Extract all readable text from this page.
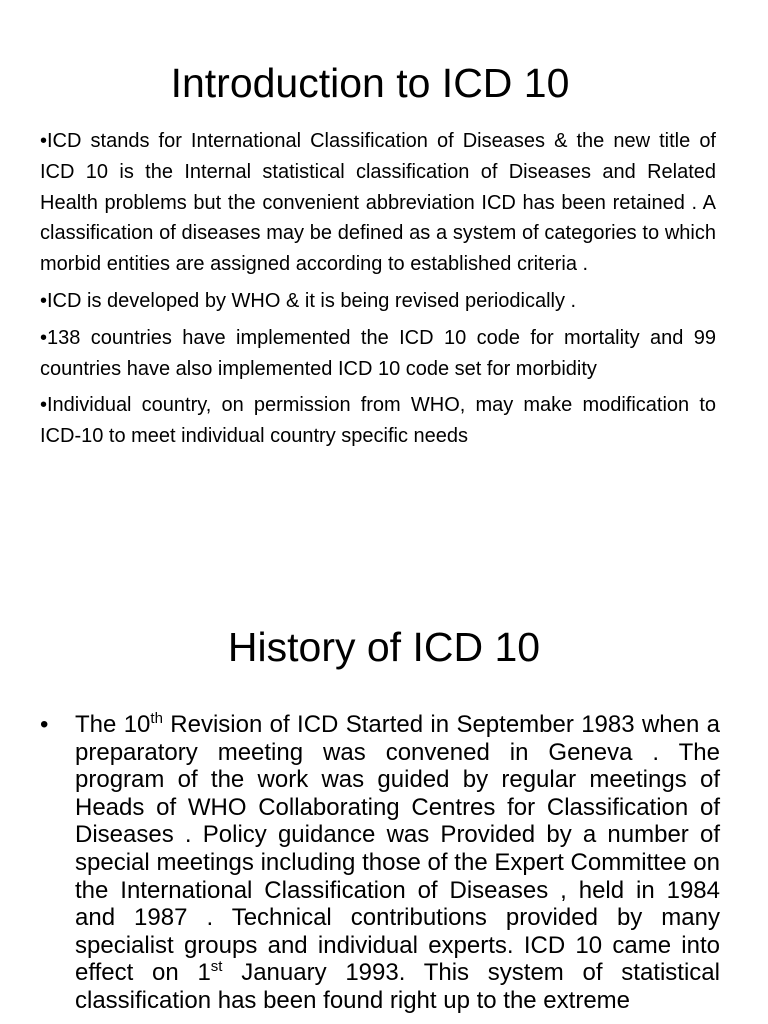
Introduction to ICD 10

•ICD stands for International Classification of Diseases & the new title of ICD 10 is the Internal statistical classification of Diseases and Related Health problems but the convenient abbreviation ICD has been retained . A classification of diseases may be defined as a system of categories to which morbid entities are assigned according to established criteria .

•ICD is developed by WHO & it is being revised periodically .

•138 countries have implemented the ICD 10 code for mortality and 99 countries have also implemented ICD 10 code set for morbidity

•Individual country, on permission from WHO, may make modification to ICD-10 to meet individual country specific needs

History of ICD 10
•	The 10th Revision of ICD Started in September 1983 when a preparatory meeting was convened in Geneva . The program of the work was guided by regular meetings of Heads of WHO Collaborating Centres for Classification of Diseases . Policy guidance was Provided by a number of special meetings including those of the Expert Committee on the International Classification of Diseases , held in 1984 and 1987 . Technical contributions provided by many specialist groups and individual experts. ICD 10 came into effect on 1st January 1993. This system of statistical classification has been found right up to the extreme
